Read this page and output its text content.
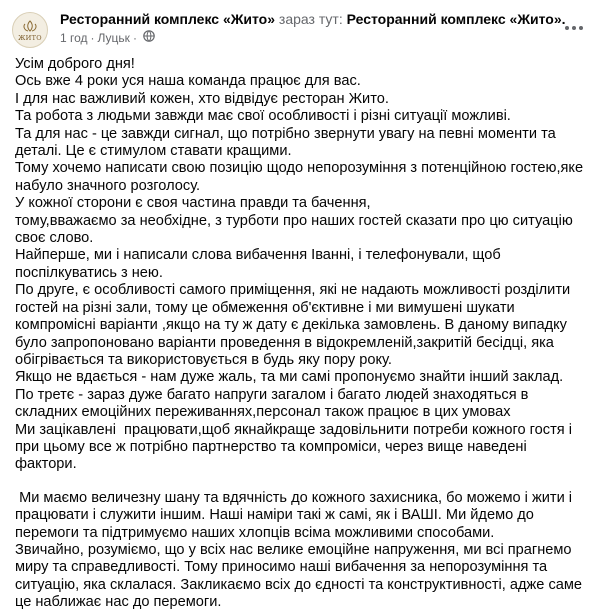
ЖИТО
Ресторанний комплекс «Жито» зараз тут: Ресторанний комплекс «Жито».
1 год · Луцьк ·

Усім доброго дня!

Ось вже 4 роки уся наша команда працює для вас.

І для нас важливий кожен, хто відвідує ресторан Жито.

Та робота з людьми завжди має свої особливості і різні ситуації можливі.

Та для нас - це завжди сигнал, що потрібно звернути увагу на певні моменти та деталі. Це є стимулом ставати кращими.

Тому хочемо написати свою позицію щодо непорозуміння з потенційною гостею,яке набуло значного розголосу.

У кожної сторони є своя частина правди та бачення,

тому,вважаємо за необхідне, з турботи про наших гостей сказати про цю ситуацію своє слово.

Найперше, ми і написали слова вибачення Іванні, і телефонували, щоб поспілкуватись з нею.

По друге, є особливості самого приміщення, які не надають можливості розділити гостей на різні зали, тому це обмеження об'єктивне і ми вимушені шукати компромісні варіанти ,якщо на ту ж дату є декілька замовлень. В даному випадку було запропоновано варіанти проведення в відокремленій,закритій бесідці, яка обігрівається та використовується в будь яку пору року.

Якщо не вдається - нам дуже жаль, та ми самі пропонуємо знайти інший заклад.

По третє - зараз дуже багато напруги загалом і багато людей знаходяться в складних емоційних переживаннях,персонал також працює в цих умовах

Ми зацікавлені  працювати,щоб якнайкраще задовільнити потреби кожного гостя і при цьому все ж потрібно партнерство та компроміси, через вище наведені фактори.

Ми маємо величезну шану та вдячність до кожного захисника, бо можемо і жити і працювати і служити іншим. Наші наміри такі ж самі, як і ВАШІ. Ми йдемо до перемоги та підтримуємо наших хлопців всіма можливими способами.

Звичайно, розуміємо, що у всіх нас велике емоційне напруження, ми всі прагнемо миру та справедливості. Тому приносимо наші вибачення за непорозуміння та ситуацію, яка склалася. Закликаємо всіх до єдності та конструктивності, адже саме це наближає нас до перемоги.
